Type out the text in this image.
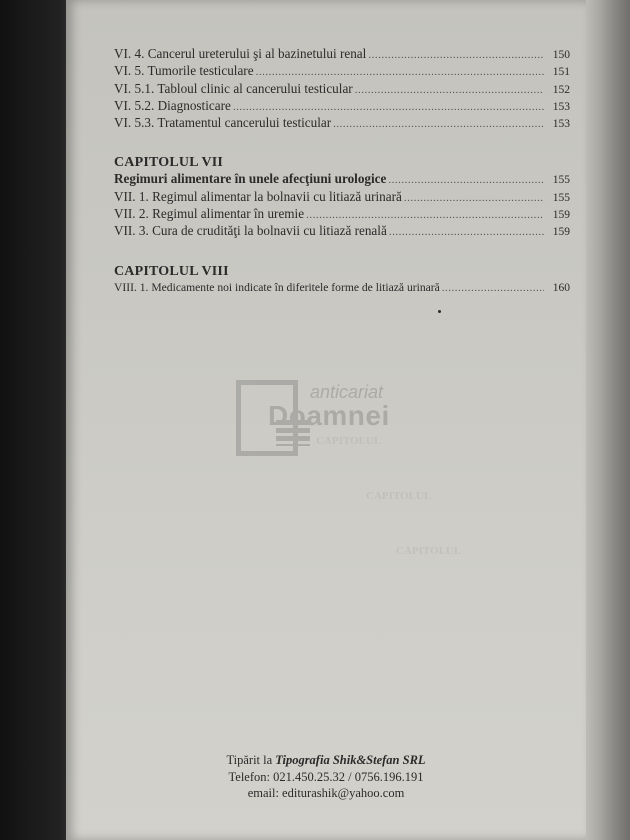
VI. 4. Cancerul ureterului şi al bazinetului renal .....	150
VI. 5. Tumorile testiculare .....	151
VI. 5.1. Tabloul clinic al cancerului testicular .....	152
VI. 5.2. Diagnosticare .....	153
VI. 5.3. Tratamentul cancerului testicular .....	153
CAPITOLUL VII
Regimuri alimentare în unele afecţiuni urologice .....	155
VII. 1. Regimul alimentar la bolnavii cu litiază urinară .....	155
VII. 2. Regimul alimentar în uremie .....	159
VII. 3. Cura de crudităţi la bolnavii cu litiază renală .....	159
CAPITOLUL VIII
VIII. 1. Medicamente noi indicate în diferitele forme de litiază urinară .....	160
CAPITOLUL
CAPITOLUL
CAPITOLUL
anticariat
Doamnei
Tipărit la Tipografia Shik&Stefan SRL
Telefon: 021.450.25.32 / 0756.196.191
email: editurashik@yahoo.com
